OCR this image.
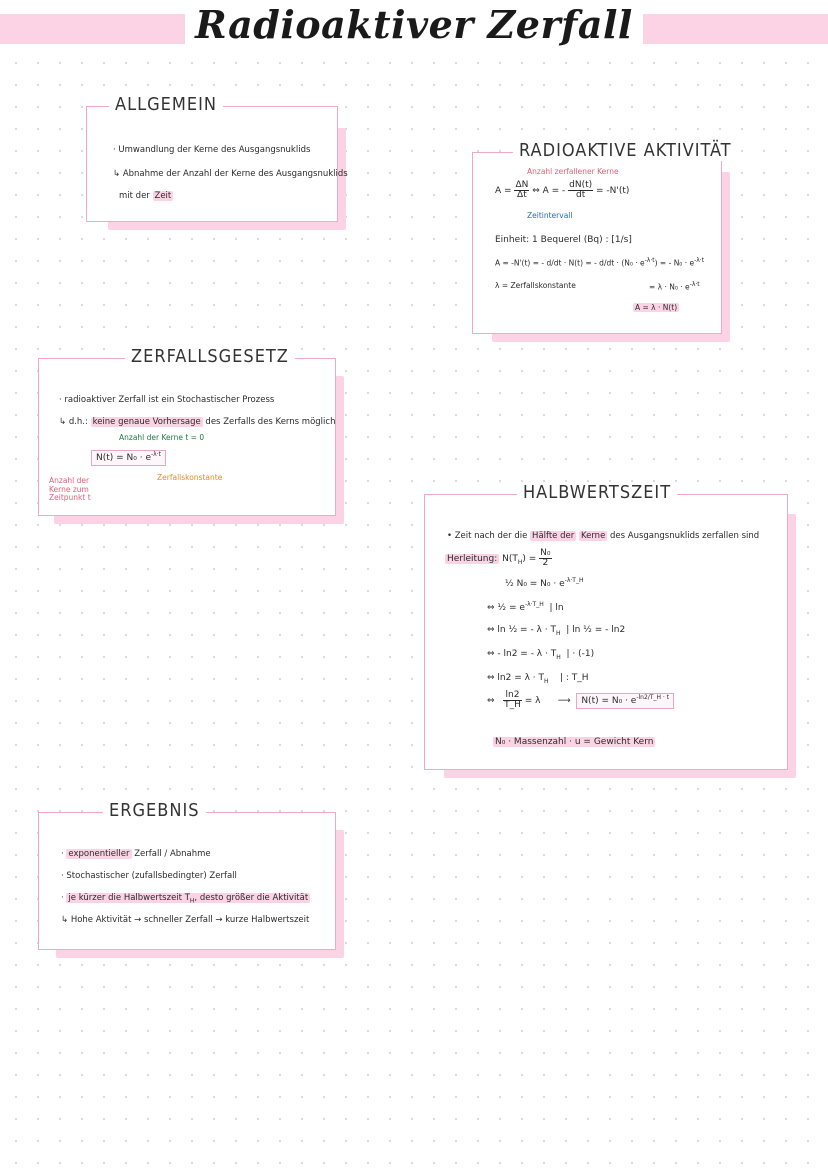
Radioaktiver Zerfall
ALLGEMEIN
· Umwandlung der Kerne des Ausgangsnuklids
↳ Abnahme der Anzahl der Kerne des Ausgangsnuklids
mit der Zeit
RADIOAKTIVE AKTIVITÄT
Anzahl zerfallener Kerne
$A = \frac{\Delta N}{\Delta t}$ ⇔ A = - $\frac{dN(t)}{dt} = -N'(t)$
Zeitintervall
Einheit: 1 Bequerel (Bq) : [1/s]
A = -N'(t) = - d/dt · N(t) = - $d/dt \cdot (N_0 \cdot e^{-\lambda\cdot t})$ = - $N_0 \cdot e^{-\lambda\cdot t}$
λ = Zerfallskonstante	= $\lambda \cdot N_0 \cdot e^{-\lambda\cdot t}$
A = λ · N(t)
ZERFALLSGESETZ
· radioaktiver Zerfall ist ein Stochastischer Prozess
↳ d.h.: keine genaue Vorhersage des Zerfalls des Kerns möglich
Anzahl der Kerne t = 0
$N(t) = N_0 \cdot e^{-\lambda\cdot t}$
Zerfallskonstante
Anzahl der Kerne zum Zeitpunkt t	HALBWERTSZEIT
• Zeit nach der die Hälfte der Kerne des Ausgangsnuklids zerfallen sind
Herleitung: $N(T_H) = \frac{\text{N₀}}{2}$
½ $N_0 = N_0 \cdot e^{-\lambda\cdot T\_H}$
⇔ ½ = $e^{-\lambda\cdot T\_H}$ | ln
⇔ ln ½ = - $\lambda \cdot T_H$ | ln ½ = - ln2
⇔ - ln2 = - $\lambda \cdot T_H$ | · (-1)
⇔ $\ln 2 = \lambda \cdot T_H$ | : T_H
⇔ $\frac{\ln 2}{T\_H} = \lambda$ ⟶ $N(t) = N_0 \cdot e^{-ln2/T\_H \cdot t}$
N₀ · Massenzahl · u = Gewicht Kern
ERGEBNIS
· exponentieller Zerfall / Abnahme
· Stochastischer (zufallsbedingter) Zerfall
· je kürzer die Halbwertszeit $T_H$, desto größer die Aktivität
↳ Hohe Aktivität → schneller Zerfall → kurze Halbwertszeit
